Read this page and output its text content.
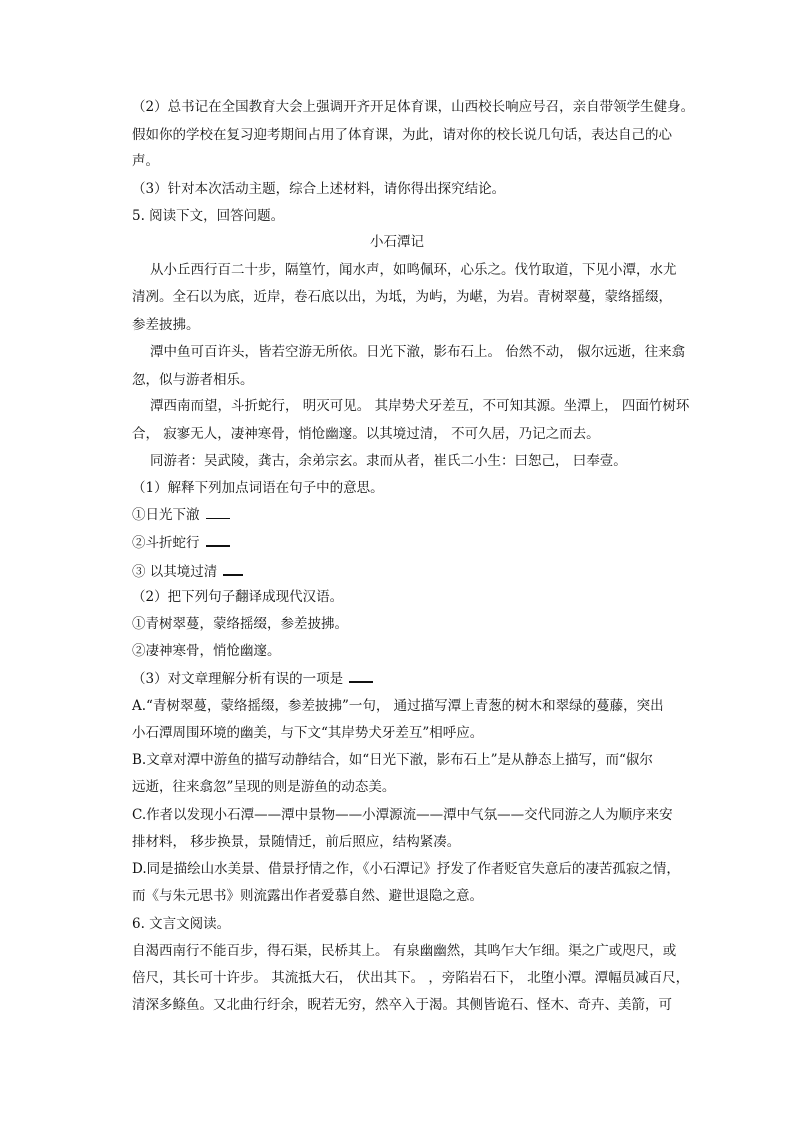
（2）总书记在全国教育大会上强调开齐开足体育课，山西校长响应号召，亲自带领学生健身。
假如你的学校在复习迎考期间占用了体育课，为此，请对你的校长说几句话，表达自己的心
声。
（3）针对本次活动主题，综合上述材料，请你得出探究结论。
5. 阅读下文，回答问题。
小石潭记
从小丘西行百二十步，隔篁竹，闻水声，如鸣佩环，心乐之。伐竹取道，下见小潭，水尤
清冽。全石以为底，近岸，卷石底以出，为坻，为屿，为嵁，为岩。青树翠蔓，蒙络摇缀，
参差披拂。
潭中鱼可百许头，皆若空游无所依。日光下澈，影布石上。 佁然不动， 俶尔远逝，往来翕
忽，似与游者相乐。
潭西南而望，斗折蛇行， 明灭可见。 其岸势犬牙差互，不可知其源。坐潭上， 四面竹树环
合， 寂寥无人，凄神寒骨，悄怆幽邃。以其境过清， 不可久居，乃记之而去。
同游者：吴武陵，龚古，余弟宗玄。隶而从者，崔氏二小生：曰恕己， 曰奉壹。
（1）解释下列加点词语在句子中的意思。
①日光下澈
②斗折蛇行
③ 以其境过清
（2）把下列句子翻译成现代汉语。
①青树翠蔓，蒙络摇缀，参差披拂。
②凄神寒骨，悄怆幽邃。
（3）对文章理解分析有误的一项是
A.“青树翠蔓，蒙络摇缀，参差披拂”一句， 通过描写潭上青葱的树木和翠绿的蔓藤，突出
小石潭周围环境的幽美，与下文“其岸势犬牙差互”相呼应。
B.文章对潭中游鱼的描写动静结合，如“日光下澈，影布石上”是从静态上描写，而“俶尔
远逝，往来翕忽”呈现的则是游鱼的动态美。
C.作者以发现小石潭——潭中景物——小潭源流——潭中气氛——交代同游之人为顺序来安
排材料， 移步换景，景随情迁，前后照应，结构紧凑。
D.同是描绘山水美景、借景抒情之作，《小石潭记》抒发了作者贬官失意后的凄苦孤寂之情，
而《与朱元思书》则流露出作者爱慕自然、避世退隐之意。
6. 文言文阅读。
自渴西南行不能百步，得石渠，民桥其上。 有泉幽幽然，其鸣乍大乍细。渠之广或咫尺，或
倍尺，其长可十许步。 其流抵大石， 伏出其下。 ，旁陷岩石下， 北堕小潭。潭幅员减百尺，
清深多鲦鱼。又北曲行纡余，睨若无穷，然卒入于渴。其侧皆诡石、怪木、奇卉、美箭，可
